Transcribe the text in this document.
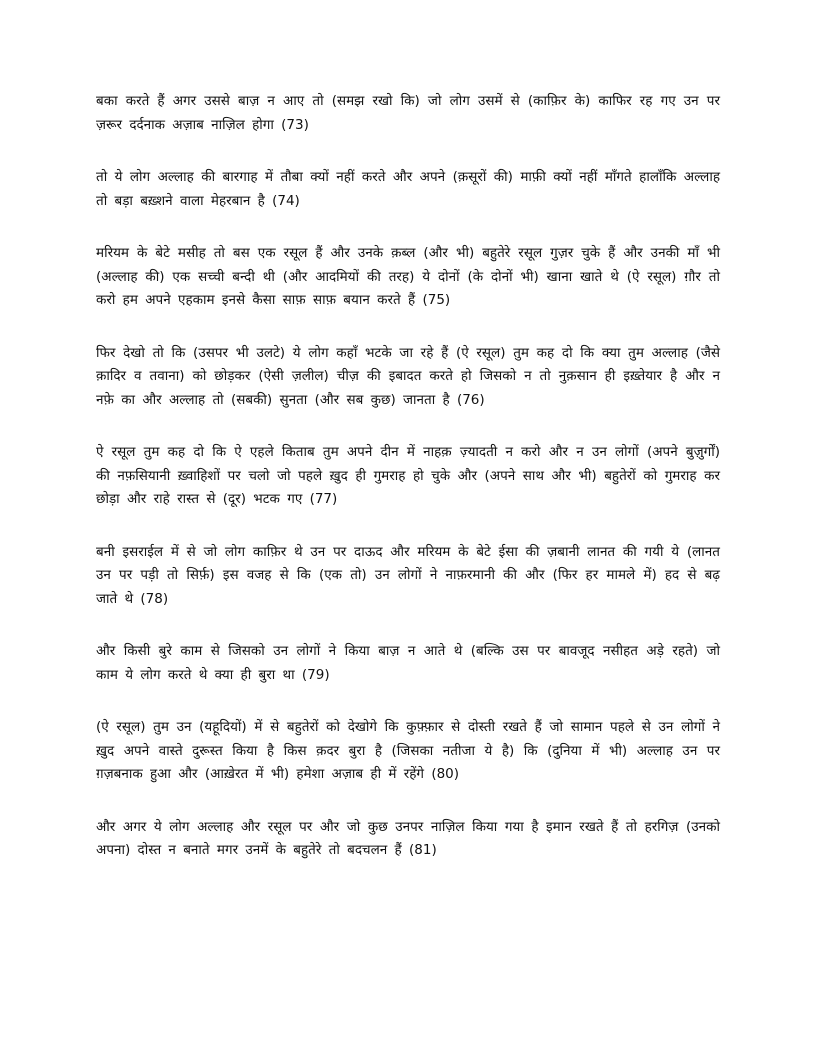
बका करते हैं अगर उससे बाज़ न आए तो (समझ रखो कि) जो लोग उसमें से (काफ़िर के) काफिर रह गए उन पर ज़रूर दर्दनाक अज़ाब नाज़िल होगा (73)

तो ये लोग अल्लाह की बारगाह में तौबा क्यों नहीं करते और अपने (क़सूरों की) माफ़ी क्यों नहीं माँगते हालाँकि अल्लाह तो बड़ा बख़्शने वाला मेहरबान है (74)

मरियम के बेटे मसीह तो बस एक रसूल हैं और उनके क़ब्ल (और भी) बहुतेरे रसूल गुज़र चुके हैं और उनकी माँ भी (अल्लाह की) एक सच्ची बन्दी थी (और आदमियों की तरह) ये दोनों (के दोनों भी) खाना खाते थे (ऐ रसूल) ग़ौर तो करो हम अपने एहकाम इनसे कैसा साफ़ साफ़ बयान करते हैं (75)

फिर देखो तो कि (उसपर भी उलटे) ये लोग कहाँ भटके जा रहे हैं (ऐ रसूल) तुम कह दो कि क्या तुम अल्लाह (जैसे क़ादिर व तवाना) को छोड़कर (ऐसी ज़लील) चीज़ की इबादत करते हो जिसको न तो नुक़सान ही इख़्तेयार है और न नफ़े का और अल्लाह तो (सबकी) सुनता (और सब कुछ) जानता है (76)

ऐ रसूल तुम कह दो कि ऐ एहले किताब तुम अपने दीन में नाहक़ ज़्यादती न करो और न उन लोगों (अपने बुज़ुर्गों) की नफ़सियानी ख़्वाहिशों पर चलो जो पहले ख़ुद ही गुमराह हो चुके और (अपने साथ और भी) बहुतेरों को गुमराह कर छोड़ा और राहे रास्त से (दूर) भटक गए (77)

बनी इसराईल में से जो लोग काफ़िर थे उन पर दाऊद और मरियम के बेटे ईसा की ज़बानी लानत की गयी ये (लानत उन पर पड़ी तो सिर्फ़) इस वजह से कि (एक तो) उन लोगों ने नाफ़रमानी की और (फिर हर मामले में) हद से बढ़ जाते थे (78)

और किसी बुरे काम से जिसको उन लोगों ने किया बाज़ न आते थे (बल्कि उस पर बावजूद नसीहत अड़े रहते) जो काम ये लोग करते थे क्या ही बुरा था (79)

(ऐ रसूल) तुम उन (यहूदियों) में से बहुतेरों को देखोगे कि कुफ़्फ़ार से दोस्ती रखते हैं जो सामान पहले से उन लोगों ने ख़ुद अपने वास्ते दुरूस्त किया है किस क़दर बुरा है (जिसका नतीजा ये है) कि (दुनिया में भी) अल्लाह उन पर ग़ज़बनाक हुआ और (आख़ेरत में भी) हमेशा अज़ाब ही में रहेंगे (80)

और अगर ये लोग अल्लाह और रसूल पर और जो कुछ उनपर नाज़िल किया गया है इमान रखते हैं तो हरगिज़ (उनको अपना) दोस्त न बनाते मगर उनमें के बहुतेरे तो बदचलन हैं (81)
